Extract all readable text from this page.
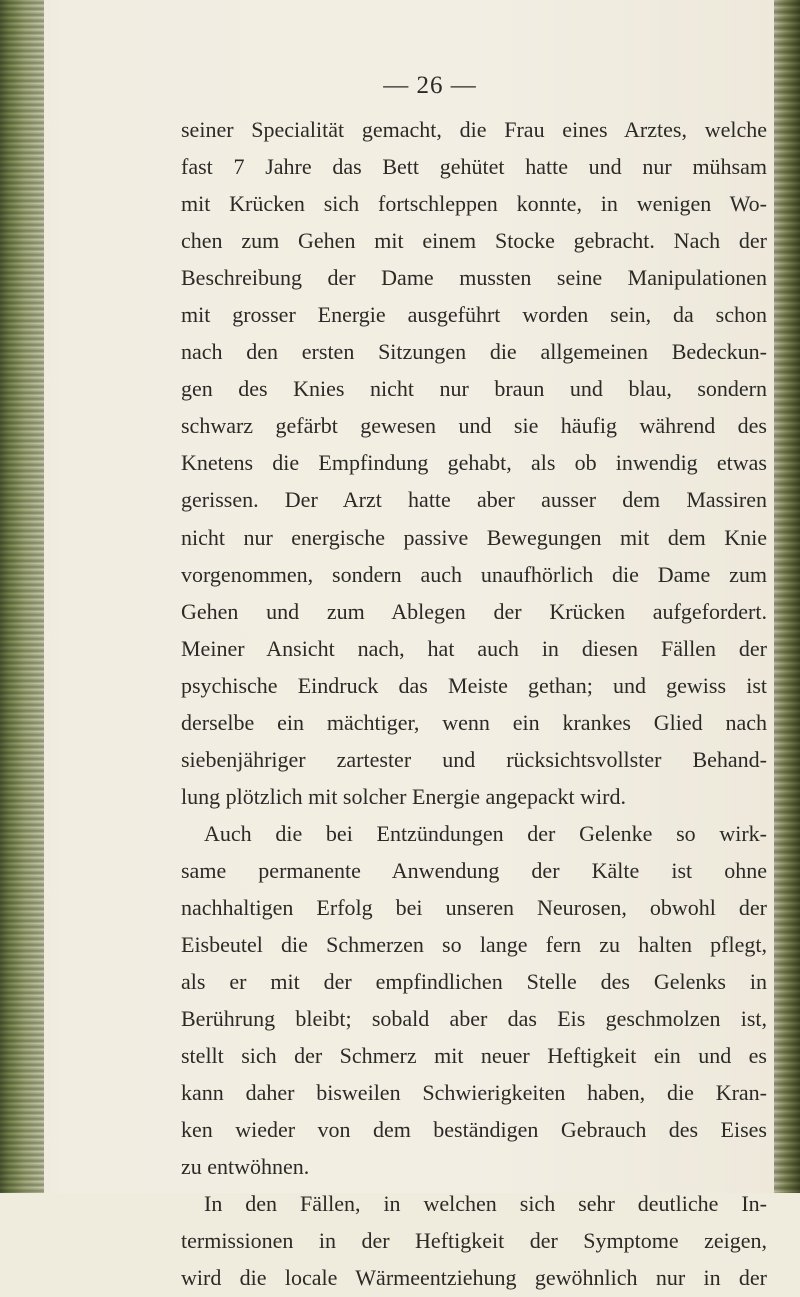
— 26 —
seiner Specialität gemacht, die Frau eines Arztes, welche
fast 7 Jahre das Bett gehütet hatte und nur mühsam
mit Krücken sich fortschleppen konnte, in wenigen Wo-
chen zum Gehen mit einem Stocke gebracht. Nach der
Beschreibung der Dame mussten seine Manipulationen
mit grosser Energie ausgeführt worden sein, da schon
nach den ersten Sitzungen die allgemeinen Bedeckun-
gen des Knies nicht nur braun und blau, sondern
schwarz gefärbt gewesen und sie häufig während des
Knetens die Empfindung gehabt, als ob inwendig etwas
gerissen. Der Arzt hatte aber ausser dem Massiren
nicht nur energische passive Bewegungen mit dem Knie
vorgenommen, sondern auch unaufhörlich die Dame zum
Gehen und zum Ablegen der Krücken aufgefordert.
Meiner Ansicht nach, hat auch in diesen Fällen der
psychische Eindruck das Meiste gethan; und gewiss ist
derselbe ein mächtiger, wenn ein krankes Glied nach
siebenjähriger zartester und rücksichtsvollster Behand-
lung plötzlich mit solcher Energie angepackt wird.
Auch die bei Entzündungen der Gelenke so wirk-
same permanente Anwendung der Kälte ist ohne
nachhaltigen Erfolg bei unseren Neurosen, obwohl der
Eisbeutel die Schmerzen so lange fern zu halten pflegt,
als er mit der empfindlichen Stelle des Gelenks in
Berührung bleibt; sobald aber das Eis geschmolzen ist,
stellt sich der Schmerz mit neuer Heftigkeit ein und es
kann daher bisweilen Schwierigkeiten haben, die Kran-
ken wieder von dem beständigen Gebrauch des Eises
zu entwöhnen.
In den Fällen, in welchen sich sehr deutliche In-
termissionen in der Heftigkeit der Symptome zeigen,
wird die locale Wärmeentziehung gewöhnlich nur in der
